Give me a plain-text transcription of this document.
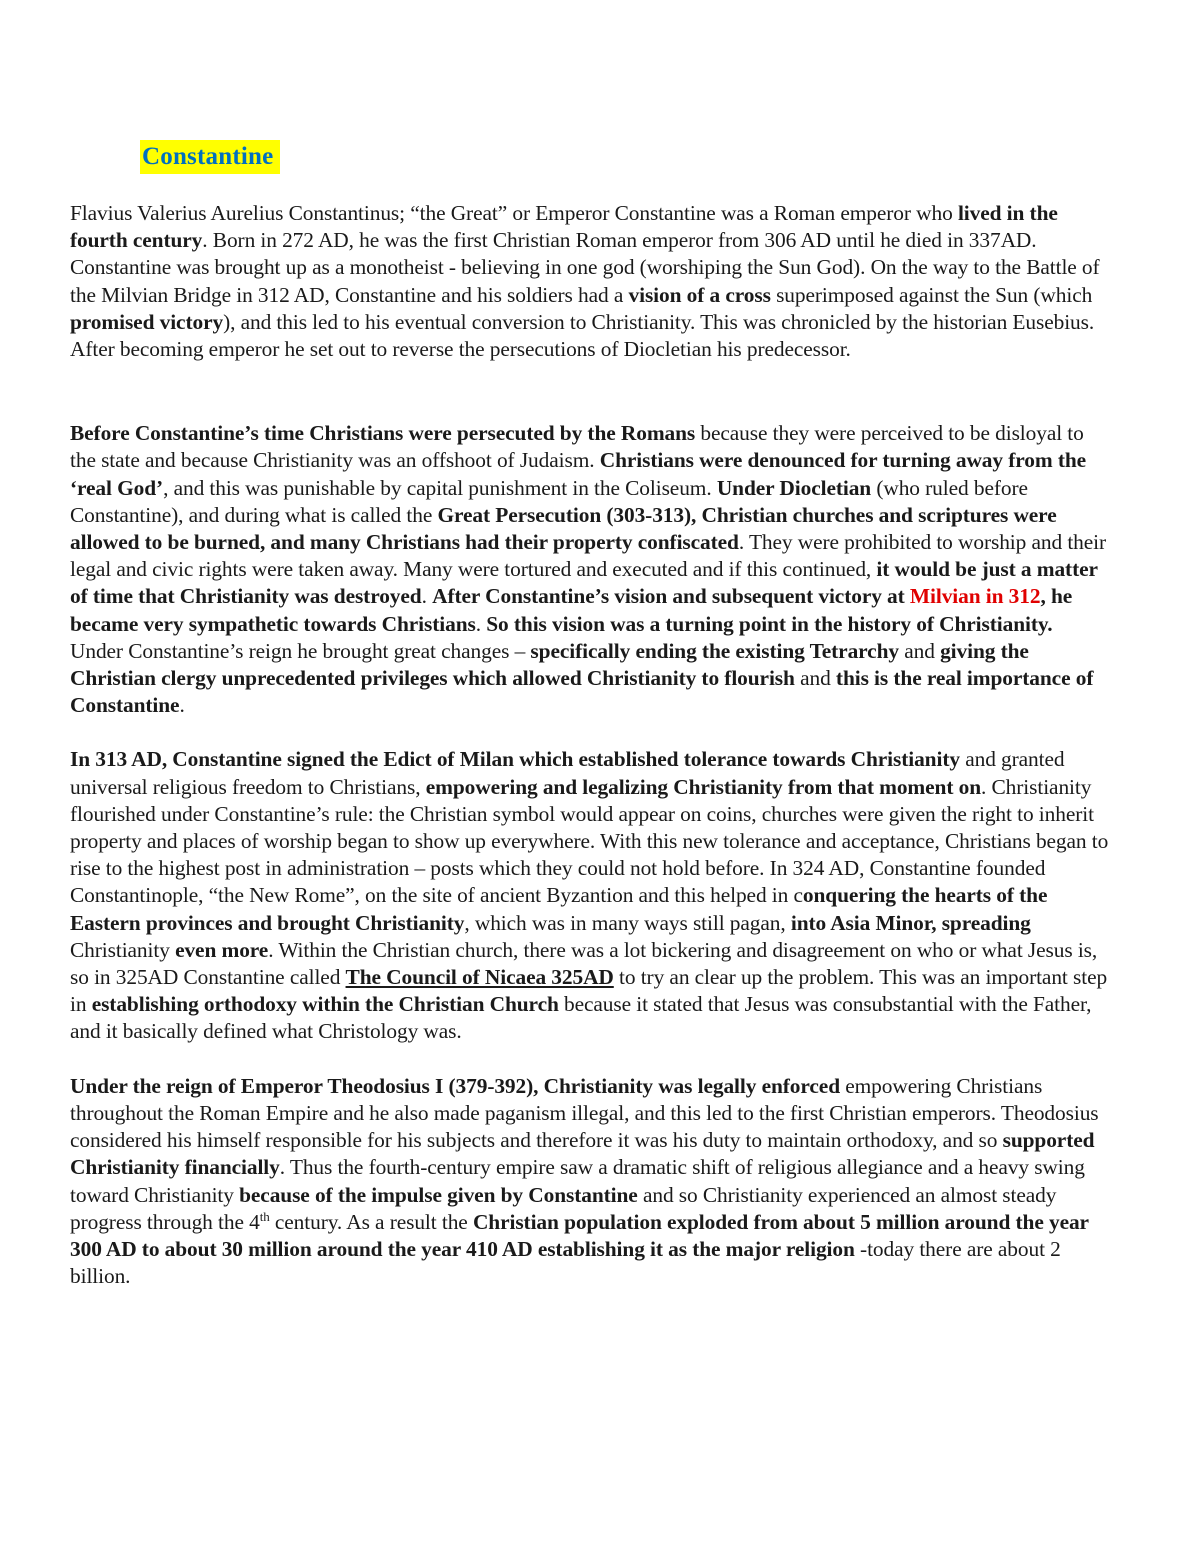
Constantine

Flavius Valerius Aurelius Constantinus; “the Great” or Emperor Constantine was a Roman emperor who lived in the fourth century. Born in 272 AD, he was the first Christian Roman emperor from 306 AD until he died in 337AD. Constantine was brought up as a monotheist - believing in one god (worshiping the Sun God). On the way to the Battle of the Milvian Bridge in 312 AD, Constantine and his soldiers had a vision of a cross superimposed against the Sun (which promised victory), and this led to his eventual conversion to Christianity. This was chronicled by the historian Eusebius. After becoming emperor he set out to reverse the persecutions of Diocletian his predecessor.

Before Constantine’s time Christians were persecuted by the Romans because they were perceived to be disloyal to the state and because Christianity was an offshoot of Judaism. Christians were denounced for turning away from the ‘real God’, and this was punishable by capital punishment in the Coliseum. Under Diocletian (who ruled before Constantine), and during what is called the Great Persecution (303-313), Christian churches and scriptures were allowed to be burned, and many Christians had their property confiscated. They were prohibited to worship and their legal and civic rights were taken away. Many were tortured and executed and if this continued, it would be just a matter of time that Christianity was destroyed. After Constantine’s vision and subsequent victory at Milvian in 312, he became very sympathetic towards Christians. So this vision was a turning point in the history of Christianity. Under Constantine’s reign he brought great changes – specifically ending the existing Tetrarchy and giving the Christian clergy unprecedented privileges which allowed Christianity to flourish and this is the real importance of Constantine.

In 313 AD, Constantine signed the Edict of Milan which established tolerance towards Christianity and granted universal religious freedom to Christians, empowering and legalizing Christianity from that moment on. Christianity flourished under Constantine’s rule: the Christian symbol would appear on coins, churches were given the right to inherit property and places of worship began to show up everywhere. With this new tolerance and acceptance, Christians began to rise to the highest post in administration – posts which they could not hold before. In 324 AD, Constantine founded Constantinople, “the New Rome”, on the site of ancient Byzantion and this helped in conquering the hearts of the Eastern provinces and brought Christianity, which was in many ways still pagan, into Asia Minor, spreading Christianity even more. Within the Christian church, there was a lot bickering and disagreement on who or what Jesus is, so in 325AD Constantine called The Council of Nicaea 325AD to try an clear up the problem. This was an important step in establishing orthodoxy within the Christian Church because it stated that Jesus was consubstantial with the Father, and it basically defined what Christology was.

Under the reign of Emperor Theodosius I (379-392), Christianity was legally enforced empowering Christians throughout the Roman Empire and he also made paganism illegal, and this led to the first Christian emperors. Theodosius considered his himself responsible for his subjects and therefore it was his duty to maintain orthodoxy, and so supported Christianity financially. Thus the fourth-century empire saw a dramatic shift of religious allegiance and a heavy swing toward Christianity because of the impulse given by Constantine and so Christianity experienced an almost steady progress through the 4th century. As a result the Christian population exploded from about 5 million around the year 300 AD to about 30 million around the year 410 AD establishing it as the major religion -today there are about 2 billion.
